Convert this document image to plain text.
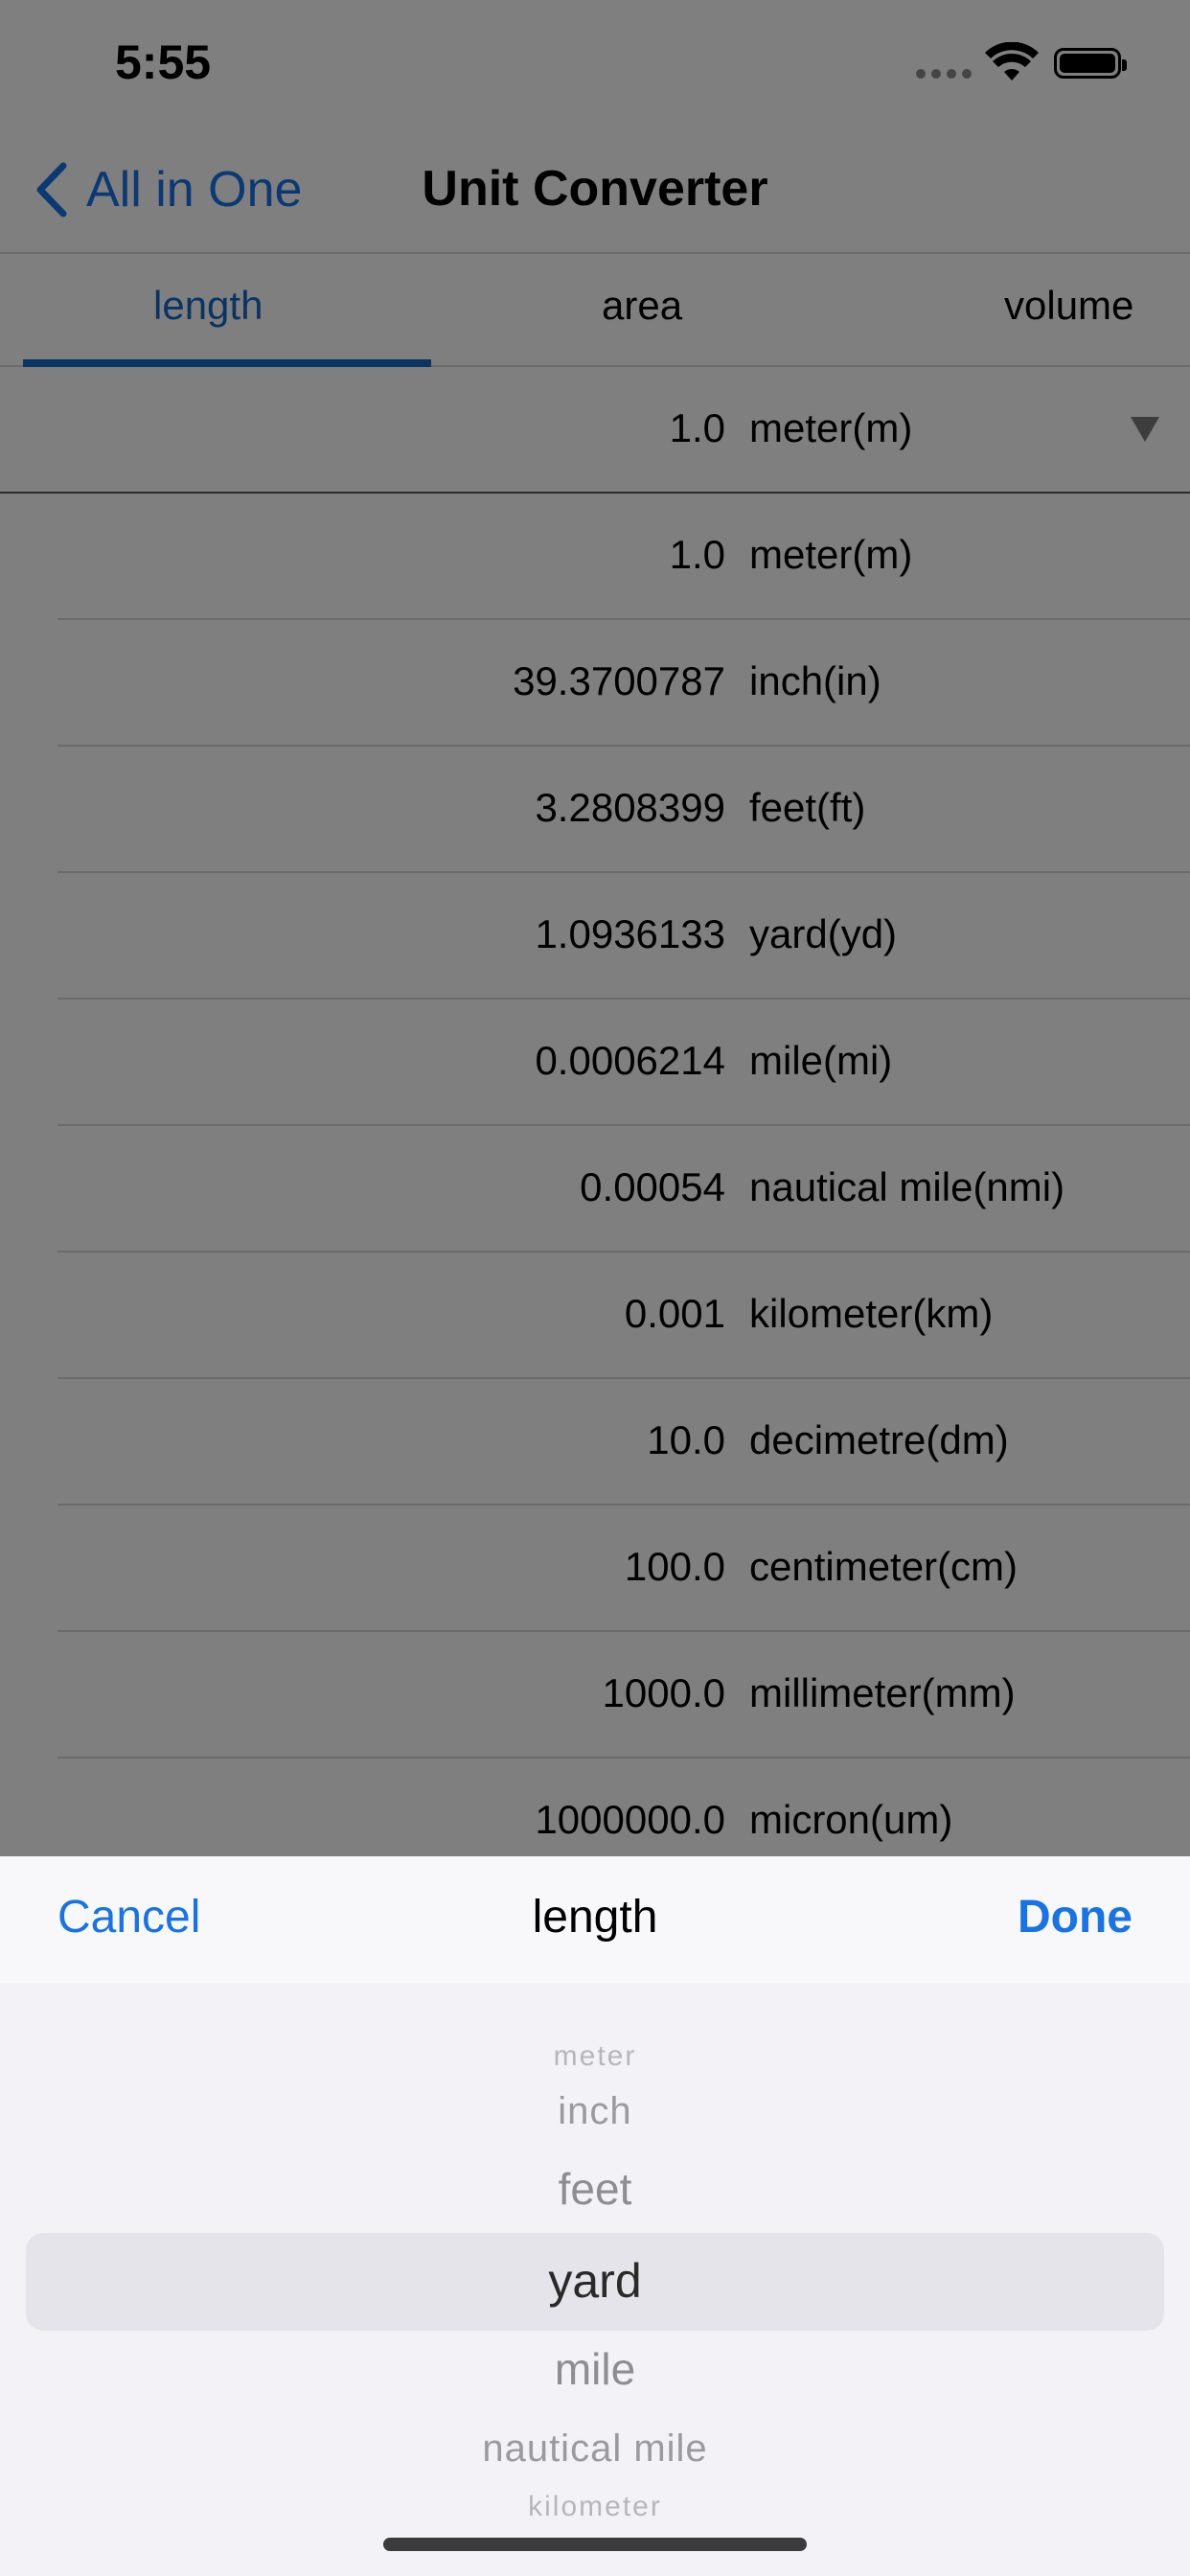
Cancel	length	Done
meter
inch
feet
yard
mile
nautical mile
kilometer
